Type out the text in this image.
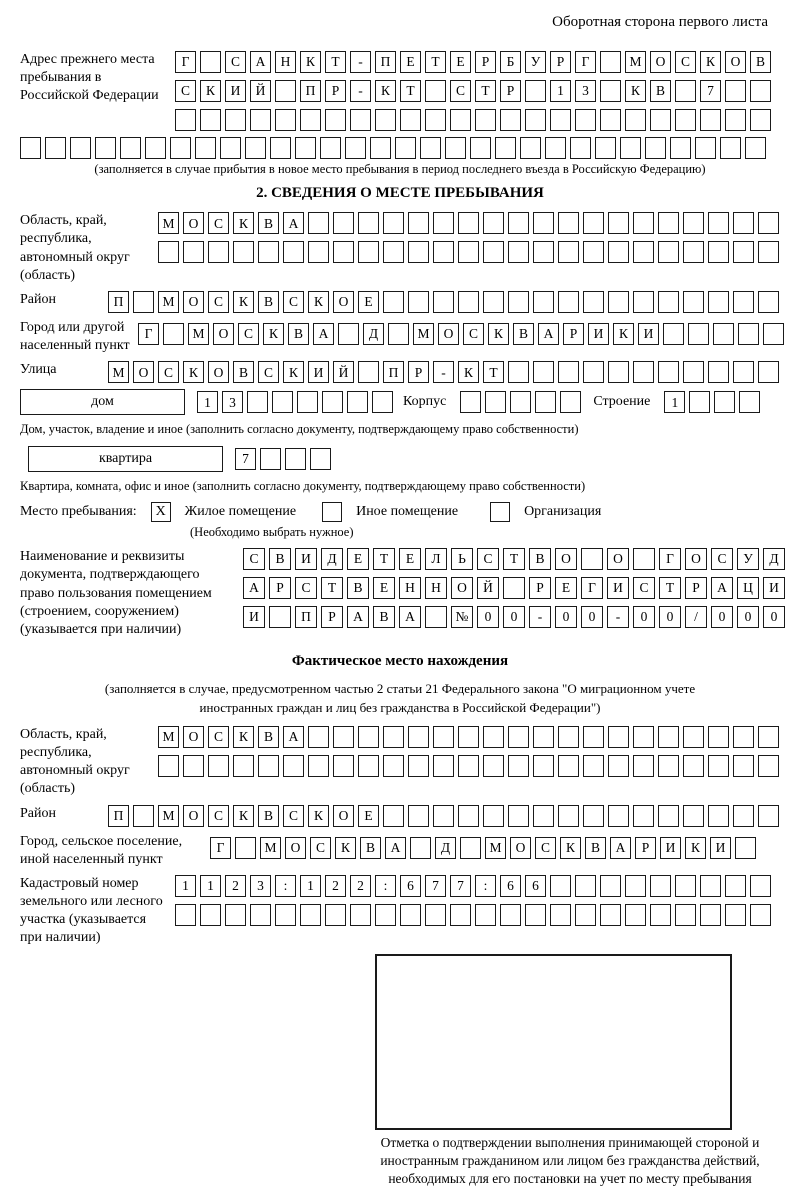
Оборотная сторона первого листа
Адрес прежнего места пребывания в Российской Федерации
Г	С	А	Н	К	Т	-	П	Е	Т	Е	Р	Б	У	Р	Г	М	О	С	К	О	В
С	К	И	Й	П	Р	-	К	Т	С	Т	Р	1	3	К	В	7
(заполняется в случае прибытия в новое место пребывания в период последнего въезда в Российскую Федерацию)
2. СВЕДЕНИЯ О МЕСТЕ ПРЕБЫВАНИЯ
Область, край, республика, автономный округ (область)
М	О	С	К	В	А
Район	П	М	О	С	К	В	С	К	О	Е
Город или другой населенный пункт
Г	М	О	С	К	В	А	Д	М	О	С	К	В	А	Р	И	К	И
Улица	М	О	С	К	О	В	С	К	И	Й	П	Р	-	К	Т
дом	1	3	Корпус	Строение	1
Дом, участок, владение и иное (заполнить согласно документу, подтверждающему право собственности)
квартира	7
Квартира, комната, офис и иное (заполнить согласно документу, подтверждающему право собственности)
Место пребывания:	X	Жилое помещение	Иное помещение	Организация
(Необходимо выбрать нужное)
Наименование и реквизиты документа, подтверждающего право пользования помещением (строением, сооружением) (указывается при наличии)
С	В	И	Д	Е	Т	Е	Л	Ь	С	Т	В	О	О	Г	О	С	У	Д
А	Р	С	Т	В	Е	Н	Н	О	Й	Р	Е	Г	И	С	Т	Р	А	Ц	И
И	П	Р	А	В	А	№	0	0	-	0	0	-	0	0	/	0	0	0
Фактическое место нахождения
(заполняется в случае, предусмотренном частью 2 статьи 21 Федерального закона "О миграционном учете иностранных граждан и лиц без гражданства в Российской Федерации")
Область, край, республика, автономный округ (область)
М	О	С	К	В	А
Район	П	М	О	С	К	В	С	К	О	Е
Город, сельское поселение, иной населенный пункт
Г	М	О	С	К	В	А	Д	М	О	С	К	В	А	Р	И	К	И
Кадастровый номер земельного или лесного участка (указывается при наличии)
1	1	2	3	:	1	2	2	:	6	7	7	:	6	6
Отметка о подтверждении выполнения принимающей стороной и иностранным гражданином или лицом без гражданства действий, необходимых для его постановки на учет по месту пребывания
